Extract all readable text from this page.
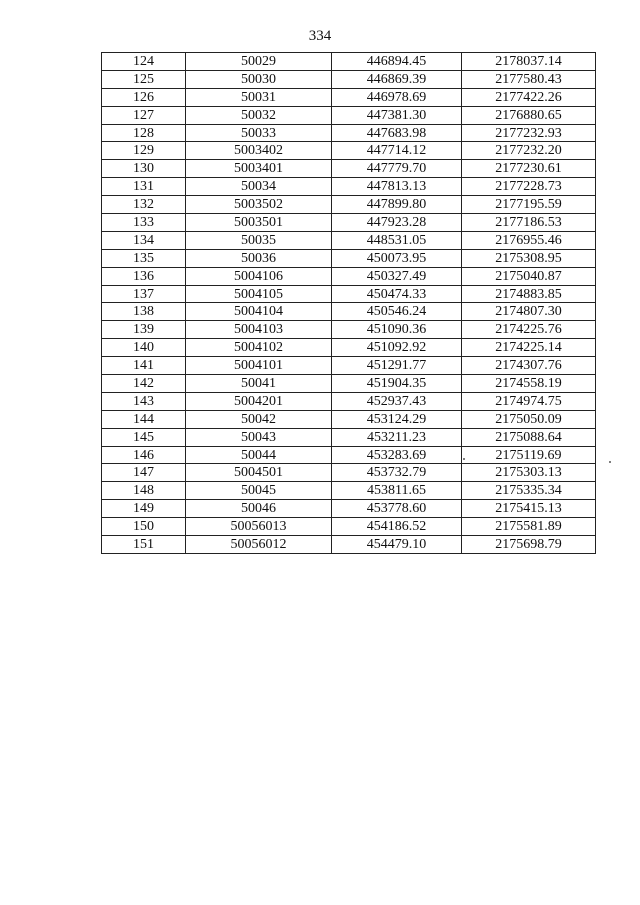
334
124	50029	446894.45	2178037.14
125	50030	446869.39	2177580.43
126	50031	446978.69	2177422.26
127	50032	447381.30	2176880.65
128	50033	447683.98	2177232.93
129	5003402	447714.12	2177232.20
130	5003401	447779.70	2177230.61
131	50034	447813.13	2177228.73
132	5003502	447899.80	2177195.59
133	5003501	447923.28	2177186.53
134	50035	448531.05	2176955.46
135	50036	450073.95	2175308.95
136	5004106	450327.49	2175040.87
137	5004105	450474.33	2174883.85
138	5004104	450546.24	2174807.30
139	5004103	451090.36	2174225.76
140	5004102	451092.92	2174225.14
141	5004101	451291.77	2174307.76
142	50041	451904.35	2174558.19
143	5004201	452937.43	2174974.75
144	50042	453124.29	2175050.09
145	50043	453211.23	2175088.64
146	50044	453283.69	2175119.69
147	5004501	453732.79	2175303.13
148	50045	453811.65	2175335.34
149	50046	453778.60	2175415.13
150	50056013	454186.52	2175581.89
151	50056012	454479.10	2175698.79
